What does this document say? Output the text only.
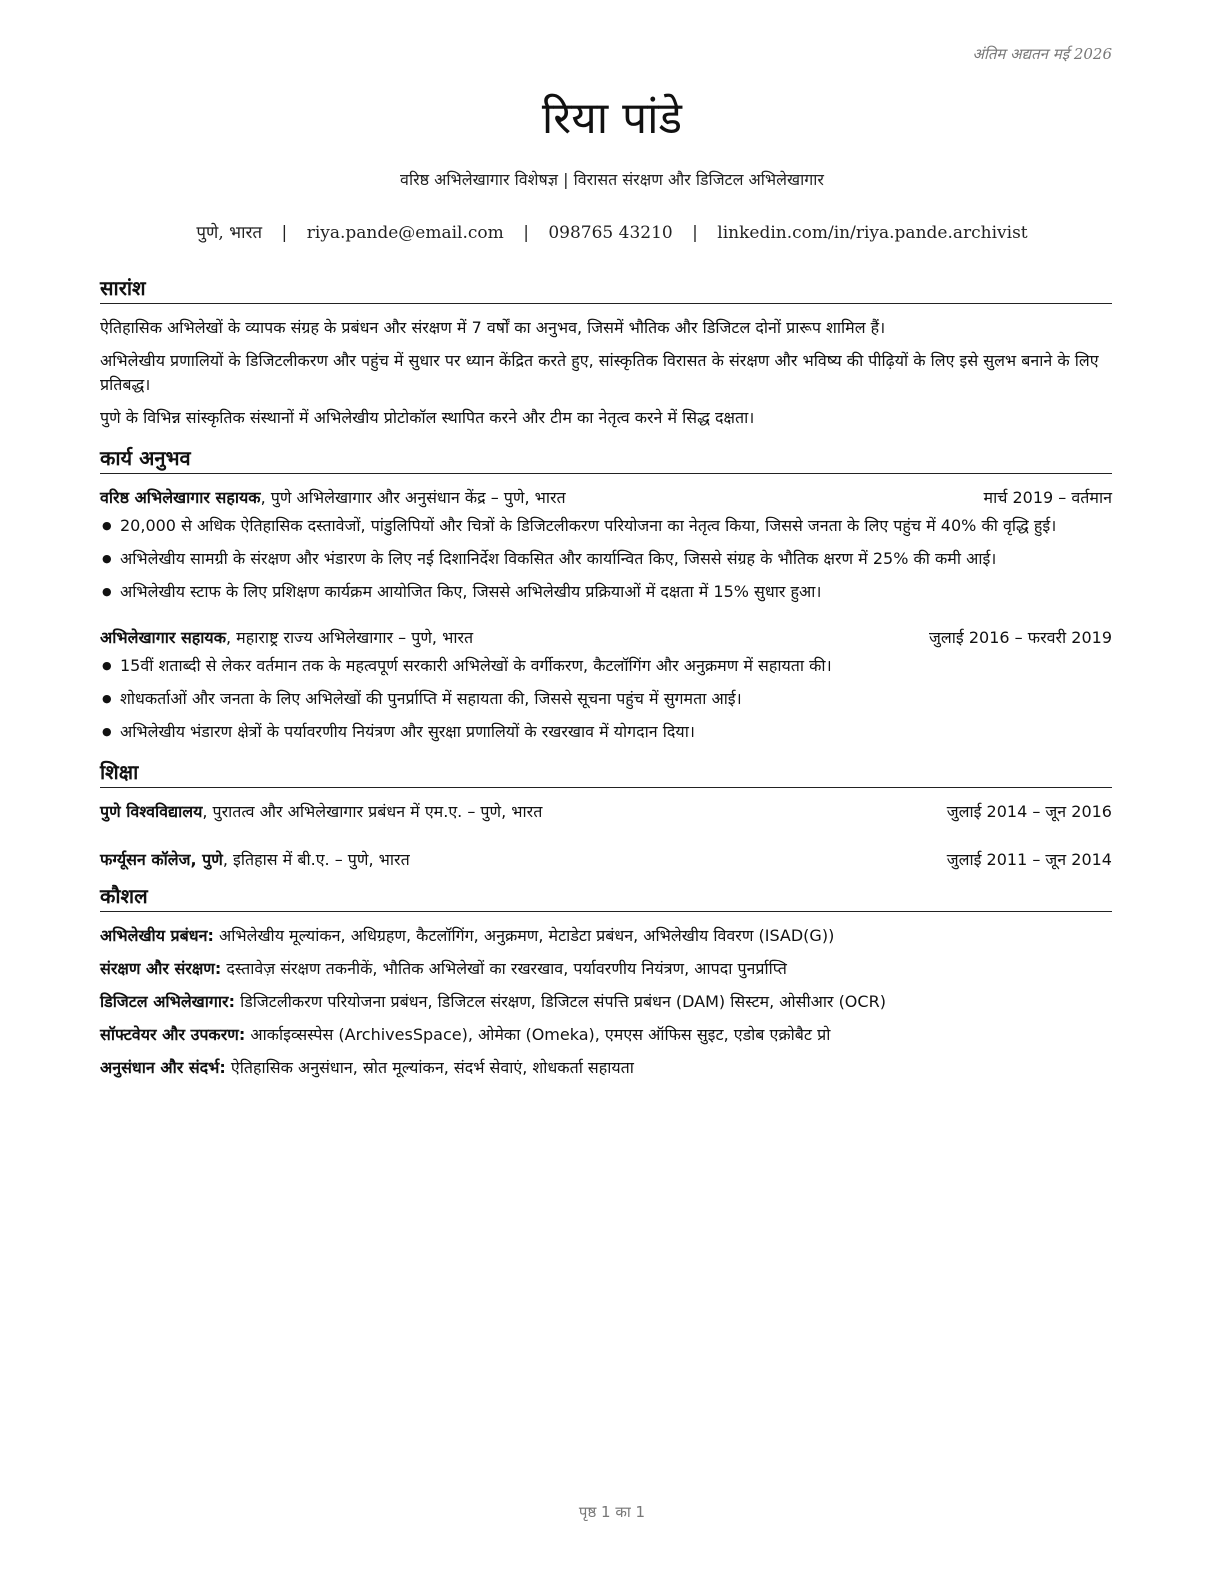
अंतिम अद्यतन मई 2026
रिया पांडे
वरिष्ठ अभिलेखागार विशेषज्ञ | विरासत संरक्षण और डिजिटल अभिलेखागार
पुणे, भारत | riya.pande@email.com | 098765 43210 | linkedin.com/in/riya.pande.archivist
सारांश

ऐतिहासिक अभिलेखों के व्यापक संग्रह के प्रबंधन और संरक्षण में 7 वर्षों का अनुभव, जिसमें भौतिक और डिजिटल दोनों प्रारूप शामिल हैं।

अभिलेखीय प्रणालियों के डिजिटलीकरण और पहुंच में सुधार पर ध्यान केंद्रित करते हुए, सांस्कृतिक विरासत के संरक्षण और भविष्य की पीढ़ियों के लिए इसे सुलभ बनाने के लिए प्रतिबद्ध।

पुणे के विभिन्न सांस्कृतिक संस्थानों में अभिलेखीय प्रोटोकॉल स्थापित करने और टीम का नेतृत्व करने में सिद्ध दक्षता।

कार्य अनुभव
वरिष्ठ अभिलेखागार सहायक, पुणे अभिलेखागार और अनुसंधान केंद्र – पुणे, भारत	मार्च 2019 – वर्तमान
● 20,000 से अधिक ऐतिहासिक दस्तावेजों, पांडुलिपियों और चित्रों के डिजिटलीकरण परियोजना का नेतृत्व किया, जिससे जनता के लिए पहुंच में 40% की वृद्धि हुई।
● अभिलेखीय सामग्री के संरक्षण और भंडारण के लिए नई दिशानिर्देश विकसित और कार्यान्वित किए, जिससे संग्रह के भौतिक क्षरण में 25% की कमी आई।
● अभिलेखीय स्टाफ के लिए प्रशिक्षण कार्यक्रम आयोजित किए, जिससे अभिलेखीय प्रक्रियाओं में दक्षता में 15% सुधार हुआ।
अभिलेखागार सहायक, महाराष्ट्र राज्य अभिलेखागार – पुणे, भारत	जुलाई 2016 – फरवरी 2019
● 15वीं शताब्दी से लेकर वर्तमान तक के महत्वपूर्ण सरकारी अभिलेखों के वर्गीकरण, कैटलॉगिंग और अनुक्रमण में सहायता की।
● शोधकर्ताओं और जनता के लिए अभिलेखों की पुनर्प्राप्ति में सहायता की, जिससे सूचना पहुंच में सुगमता आई।
● अभिलेखीय भंडारण क्षेत्रों के पर्यावरणीय नियंत्रण और सुरक्षा प्रणालियों के रखरखाव में योगदान दिया।
शिक्षा
पुणे विश्वविद्यालय, पुरातत्व और अभिलेखागार प्रबंधन में एम.ए. – पुणे, भारत	जुलाई 2014 – जून 2016
फर्ग्यूसन कॉलेज, पुणे, इतिहास में बी.ए. – पुणे, भारत	जुलाई 2011 – जून 2014
कौशल
अभिलेखीय प्रबंधन: अभिलेखीय मूल्यांकन, अधिग्रहण, कैटलॉगिंग, अनुक्रमण, मेटाडेटा प्रबंधन, अभिलेखीय विवरण (ISAD(G))
संरक्षण और संरक्षण: दस्तावेज़ संरक्षण तकनीकें, भौतिक अभिलेखों का रखरखाव, पर्यावरणीय नियंत्रण, आपदा पुनर्प्राप्ति
डिजिटल अभिलेखागार: डिजिटलीकरण परियोजना प्रबंधन, डिजिटल संरक्षण, डिजिटल संपत्ति प्रबंधन (DAM) सिस्टम, ओसीआर (OCR)
सॉफ्टवेयर और उपकरण: आर्काइव्सस्पेस (ArchivesSpace), ओमेका (Omeka), एमएस ऑफिस सुइट, एडोब एक्रोबैट प्रो
अनुसंधान और संदर्भ: ऐतिहासिक अनुसंधान, स्रोत मूल्यांकन, संदर्भ सेवाएं, शोधकर्ता सहायता
पृष्ठ 1 का 1
